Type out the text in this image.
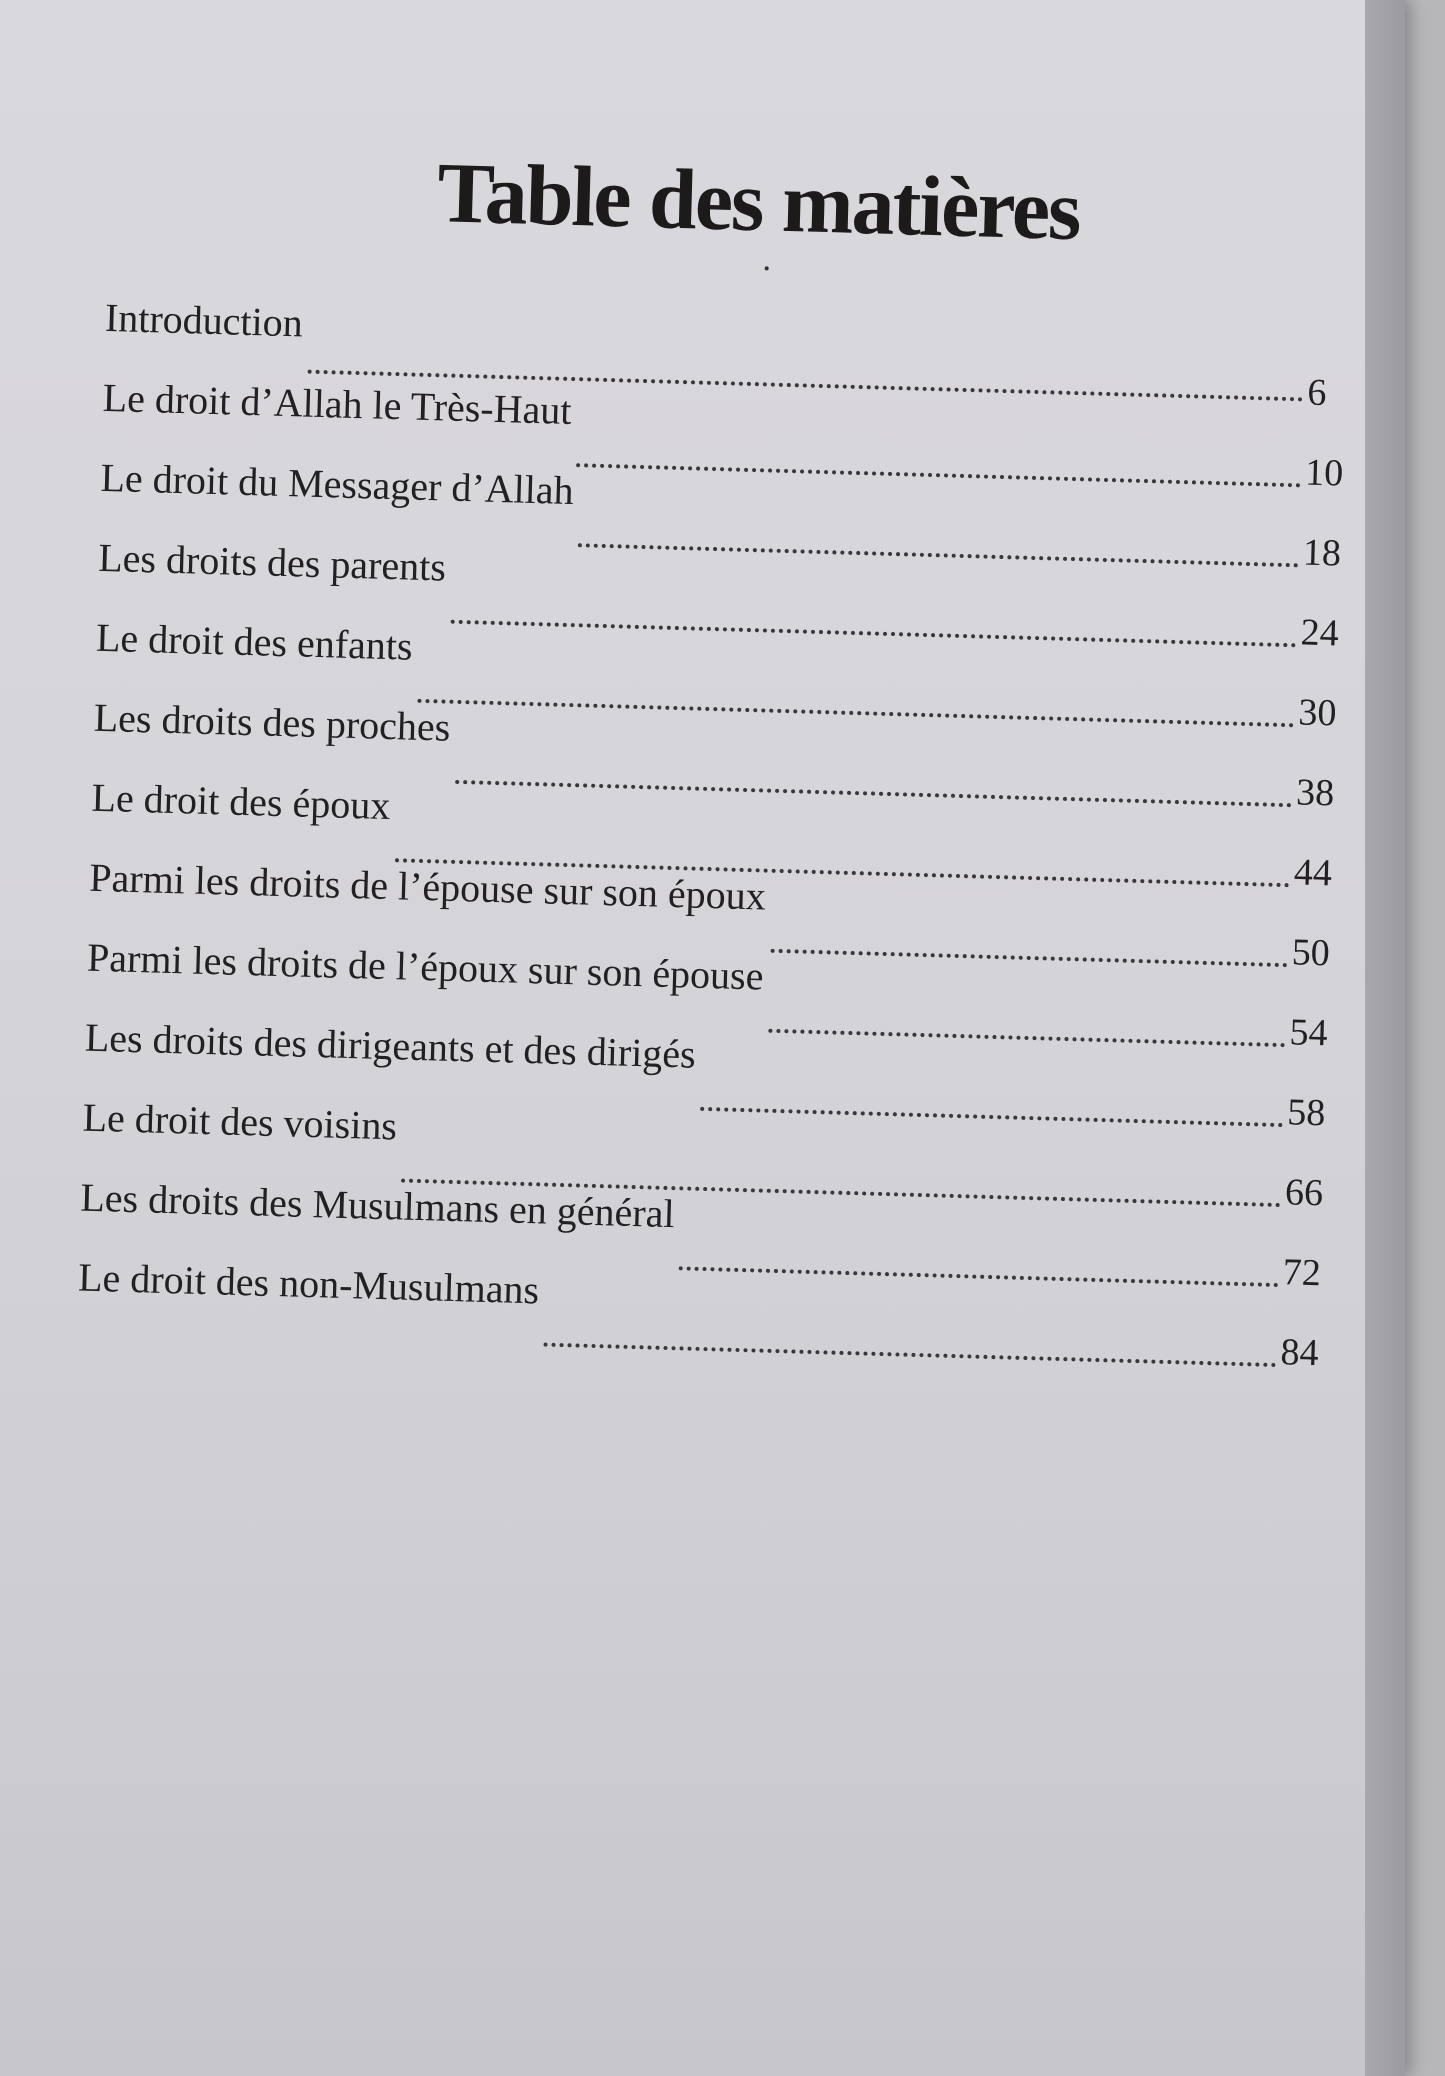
Table des matières
Introduction
6
Le droit d’Allah le Très-Haut
10
Le droit du Messager d’Allah
18
Les droits des parents
24
Le droit des enfants
30
Les droits des proches
38
Le droit des époux
44
Parmi les droits de l’épouse sur son époux
50
Parmi les droits de l’époux sur son épouse
54
Les droits des dirigeants et des dirigés
58
Le droit des voisins
66
Les droits des Musulmans en général
72
Le droit des non-Musulmans
84
